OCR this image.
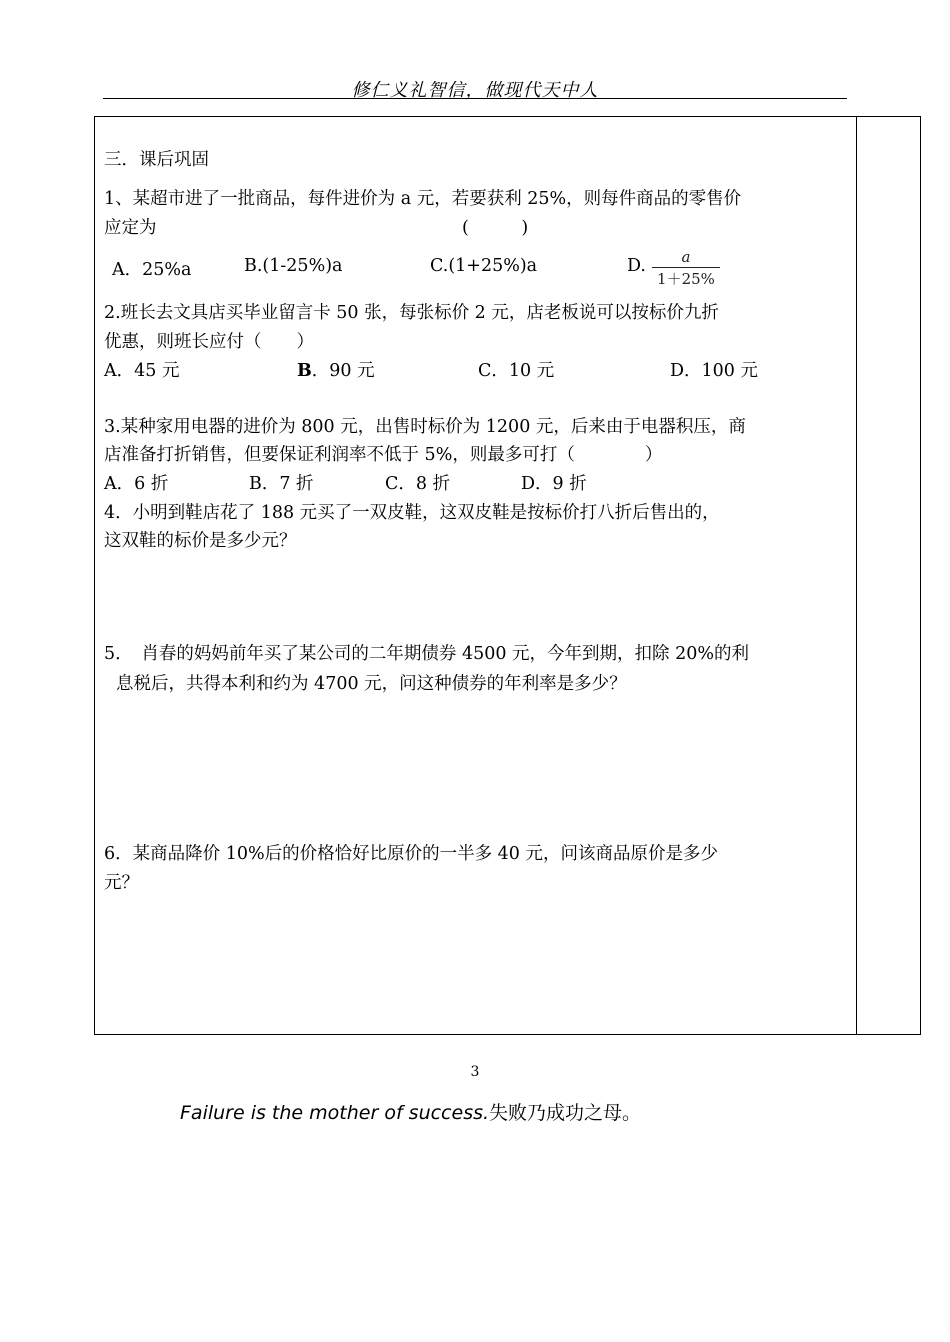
修仁义礼智信，做现代天中人
三．课后巩固
1、某超市进了一批商品，每件进价为 a 元，若要获利 25%，则每件商品的零售价
应定为	(　　　)
A．25%a	B.(1-25%)a	C.(1+25%)a	D.	a
1＋25%
2.班长去文具店买毕业留言卡 50 张，每张标价 2 元，店老板说可以按标价九折
优惠，则班长应付（　　）
A．45 元	B．90 元	C．10 元	D．100 元
3.某种家用电器的进价为 800 元，出售时标价为 1200 元，后来由于电器积压，商
店准备打折销售，但要保证利润率不低于 5%，则最多可打（　　　　）
A．6 折	B．7 折	C．8 折	D．9 折
4．小明到鞋店花了 188 元买了一双皮鞋，这双皮鞋是按标价打八折后售出的，
这双鞋的标价是多少元？
5．　肖春的妈妈前年买了某公司的二年期债券 4500 元，今年到期，扣除 20%的利
息税后，共得本利和约为 4700 元，问这种债券的年利率是多少？
6．某商品降价 10%后的价格恰好比原价的一半多 40 元，问该商品原价是多少
元？
3
Failure is the mother of success.失败乃成功之母。
